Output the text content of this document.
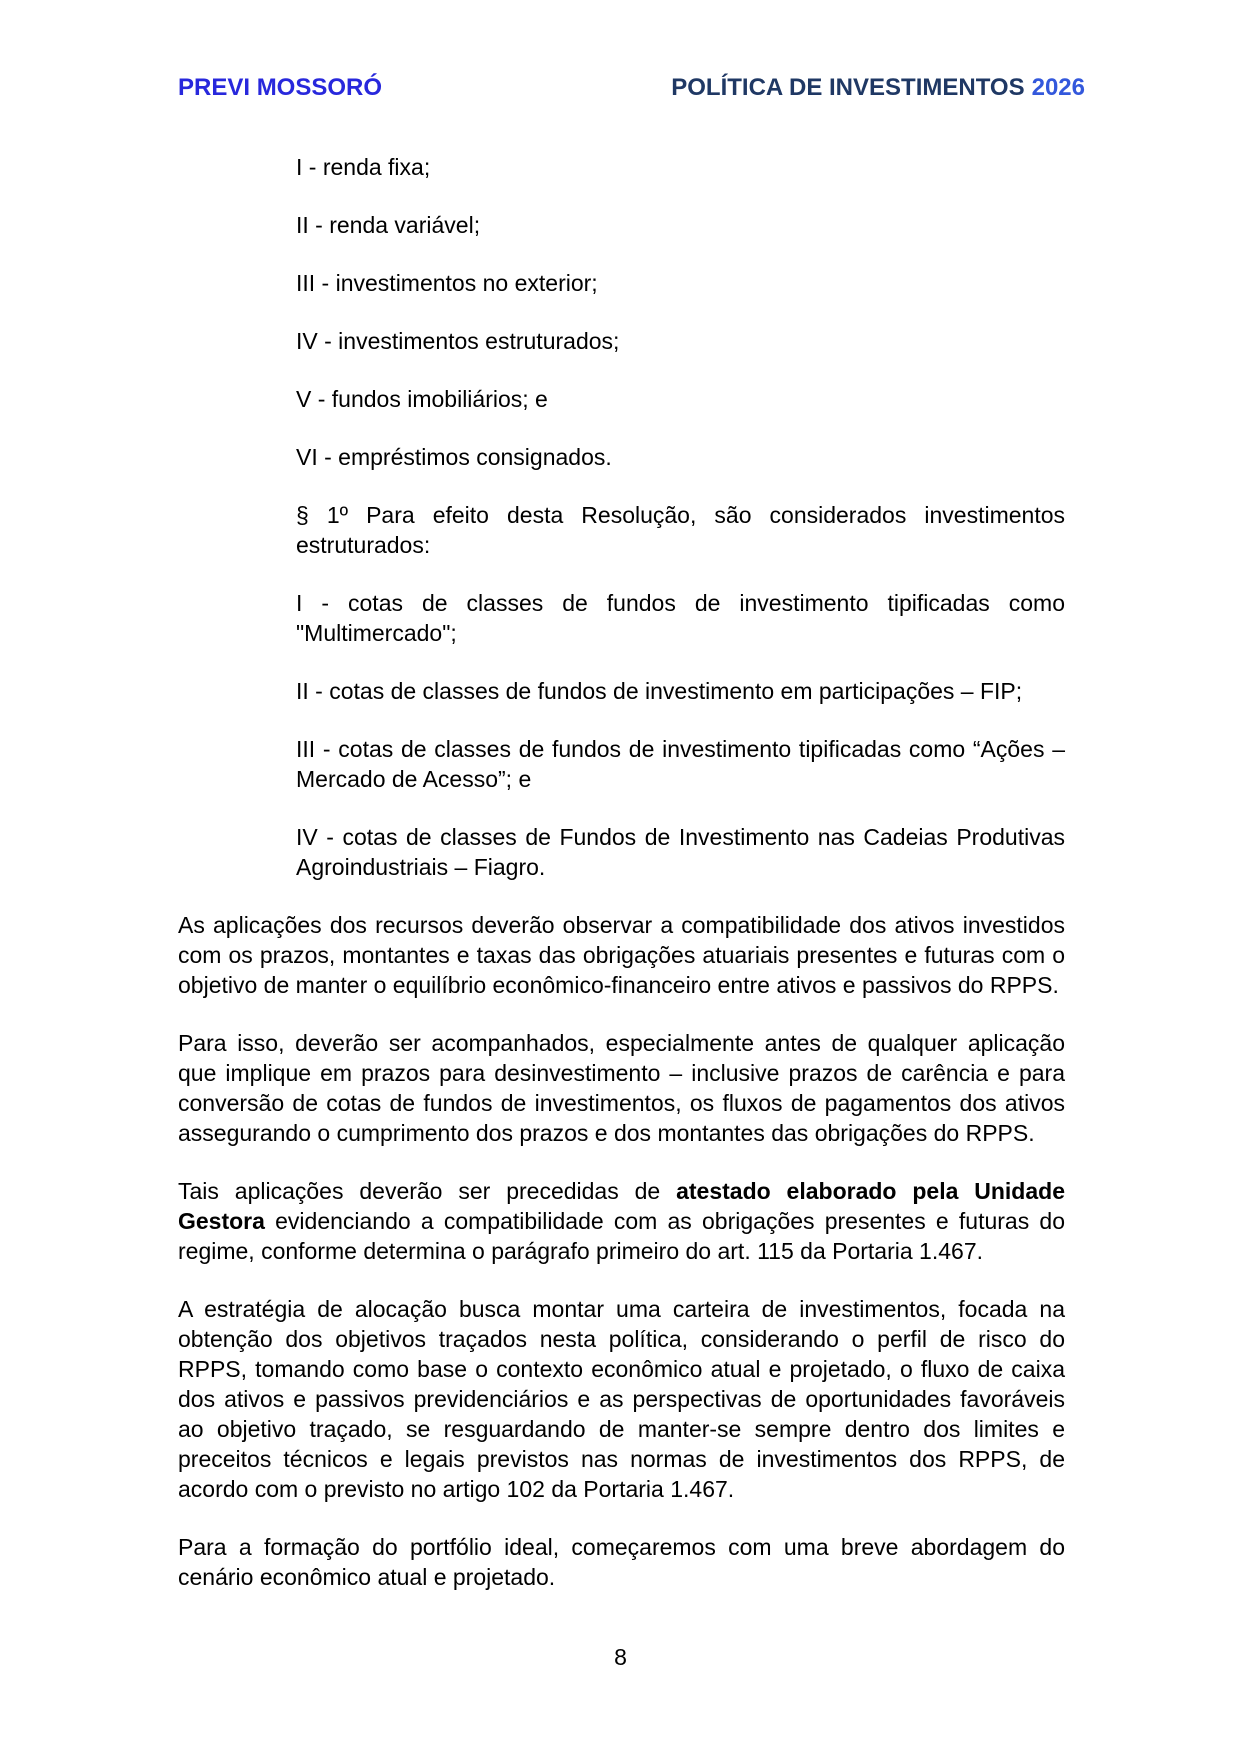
PREVI MOSSORÓ	POLÍTICA DE INVESTIMENTOS 2026

I - renda fixa;

II - renda variável;

III - investimentos no exterior;

IV - investimentos estruturados;

V - fundos imobiliários; e

VI - empréstimos consignados.

§ 1º Para efeito desta Resolução, são considerados investimentos estruturados:

I - cotas de classes de fundos de investimento tipificadas como "Multimercado";

II - cotas de classes de fundos de investimento em participações – FIP;

III - cotas de classes de fundos de investimento tipificadas como “Ações – Mercado de Acesso”; e

IV - cotas de classes de Fundos de Investimento nas Cadeias Produtivas Agroindustriais – Fiagro.

As aplicações dos recursos deverão observar a compatibilidade dos ativos investidos com os prazos, montantes e taxas das obrigações atuariais presentes e futuras com o objetivo de manter o equilíbrio econômico-financeiro entre ativos e passivos do RPPS.

Para isso, deverão ser acompanhados, especialmente antes de qualquer aplicação que implique em prazos para desinvestimento – inclusive prazos de carência e para conversão de cotas de fundos de investimentos, os fluxos de pagamentos dos ativos assegurando o cumprimento dos prazos e dos montantes das obrigações do RPPS.

Tais aplicações deverão ser precedidas de atestado elaborado pela Unidade Gestora evidenciando a compatibilidade com as obrigações presentes e futuras do regime, conforme determina o parágrafo primeiro do art. 115 da Portaria 1.467.

A estratégia de alocação busca montar uma carteira de investimentos, focada na obtenção dos objetivos traçados nesta política, considerando o perfil de risco do RPPS, tomando como base o contexto econômico atual e projetado, o fluxo de caixa dos ativos e passivos previdenciários e as perspectivas de oportunidades favoráveis ao objetivo traçado, se resguardando de manter-se sempre dentro dos limites e preceitos técnicos e legais previstos nas normas de investimentos dos RPPS, de acordo com o previsto no artigo 102 da Portaria 1.467.

Para a formação do portfólio ideal, começaremos com uma breve abordagem do cenário econômico atual e projetado.

8
